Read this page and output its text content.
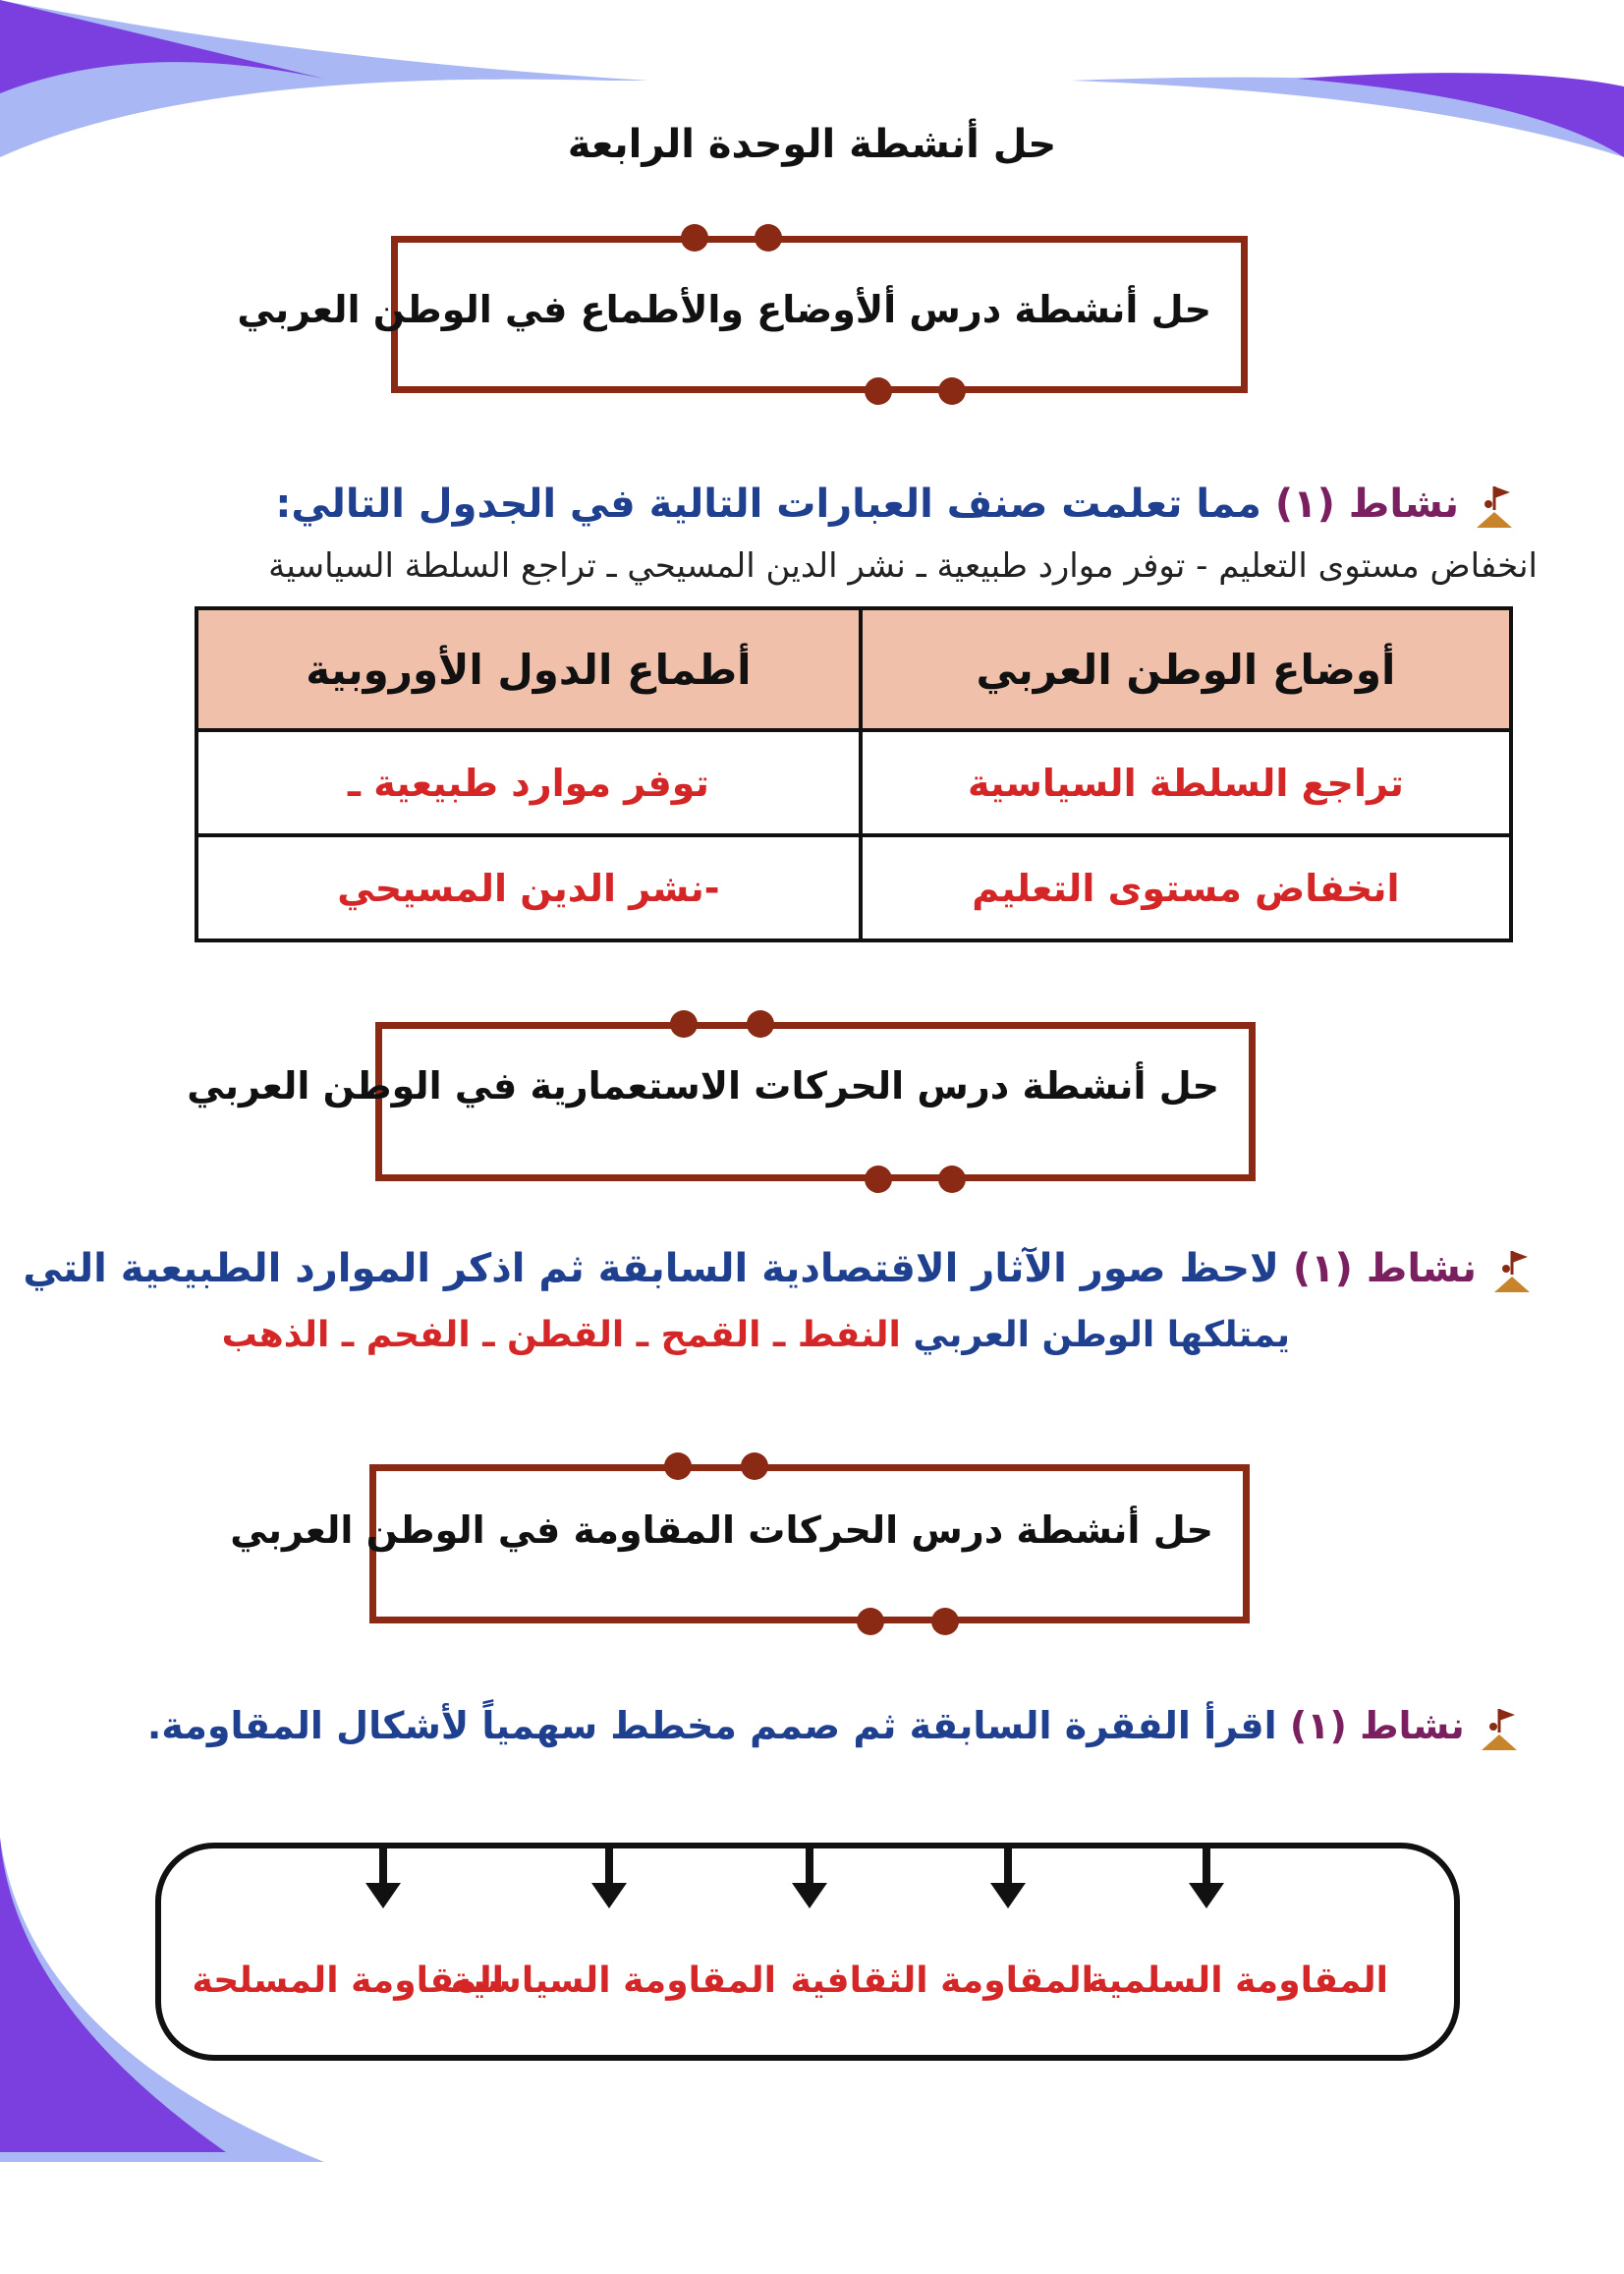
حل أنشطة الوحدة الرابعة
حل أنشطة درس ألأوضاع والأطماع في الوطن العربي
نشاط (١) مما تعلمت صنف العبارات التالية في الجدول التالي:
انخفاض مستوى التعليم - توفر موارد طبيعية ـ نشر الدين المسيحي ـ تراجع السلطة السياسية
أوضاع الوطن العربي	أطماع الدول الأوروبية
تراجع السلطة السياسية	توفر موارد طبيعية ـ
انخفاض مستوى التعليم	-نشر الدين المسيحي
حل أنشطة درس الحركات الاستعمارية في الوطن العربي
نشاط (١) لاحظ صور الآثار الاقتصادية السابقة ثم اذكر الموارد الطبيعية التي
يمتلكها الوطن العربي النفط ـ القمح ـ القطن ـ الفحم ـ الذهب
حل أنشطة درس الحركات المقاومة في الوطن العربي
نشاط (١) اقرأ الفقرة السابقة ثم صمم مخطط سهمياً لأشكال المقاومة.
المقاومة السلمية
المقاومة الثقافية
المقاومة السياسية
المقاومة المسلحة
